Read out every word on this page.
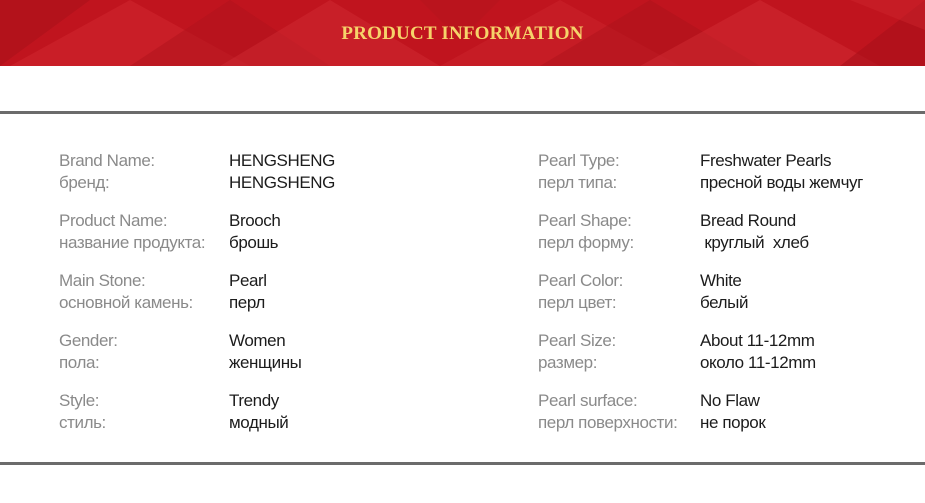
PRODUCT INFORMATION
Brand Name:
бренд:
HENGSHENG
HENGSHENG
Product Name:
название продукта:
Brooch
брошь
Main Stone:
основной камень:
Pearl
перл
Gender:
пола:
Women
женщины
Style:
стиль:
Trendy
модный
Pearl Type:
перл типа:
Freshwater Pearls
пресной воды жемчуг
Pearl Shape:
перл форму:
Bread Round
круглый  хлеб
Pearl Color:
перл цвет:
White
белый
Pearl Size:
размер:
About 11-12mm
около 11-12mm
Pearl surface:
перл поверхности:
No Flaw
не порок
